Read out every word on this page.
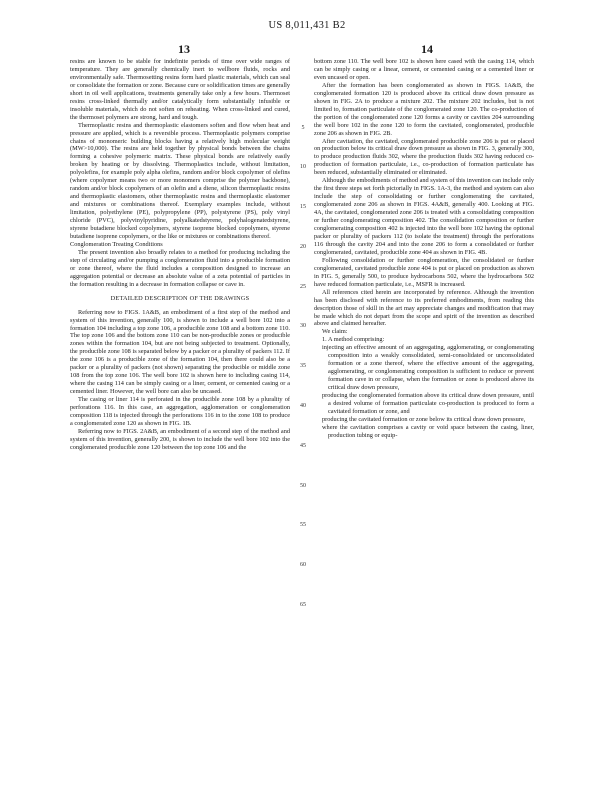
US 8,011,431 B2
13	14

resins are known to be stable for indefinite periods of time over wide ranges of temperature. They are generally chemically inert to wellbore fluids, rocks and environmentally safe. Thermosetting resins form hard plastic materials, which can seal or consolidate the formation or zone. Because cure or solidification times are generally short in oil well applications, treatments generally take only a few hours. Thermoset resins cross-linked thermally and/or catalytically form substantially infusible or insoluble materials, which do not soften on reheating. When cross-linked and cured, the thermoset polymers are strong, hard and tough.

Thermoplastic resins and thermoplastic elastomers soften and flow when heat and pressure are applied, which is a reversible process. Thermoplastic polymers comprise chains of monomeric building blocks having a relatively high molecular weight (MW>10,000). The resins are held together by physical bonds between the chains forming a cohesive polymeric matrix. These physical bonds are relatively easily broken by heating or by dissolving. Thermoplastics include, without limitation, polyolefins, for example poly alpha olefins, random and/or block copolymer of olefins (where copolymer means two or more monomers comprise the polymer backbone), random and/or block copolymers of an olefin and a diene, silicon thermoplastic resins and thermoplastic elastomers, other thermoplastic resins and thermoplastic elastomer and mixtures or combinations thereof. Exemplary examples include, without limitation, polyethylene (PE), polypropylene (PP), polystyrene (PS), poly vinyl chloride (PVC), polyvinylpyridine, polyalkatedstyrene, polyhalogenatedstyrene, styrene butadiene blocked copolymers, styrene isoprene blocked copolymers, styrene butadiene isoprene copolymers, or the like or mixtures or combinations thereof.

Conglomeration Treating Conditions

The present invention also broadly relates to a method for producing including the step of circulating and/or pumping a conglomeration fluid into a producible formation or zone thereof, where the fluid includes a composition designed to increase an aggregation potential or decrease an absolute value of a zeta potential of particles in the formation resulting in a decrease in formation collapse or cave in.

DETAILED DESCRIPTION OF THE DRAWINGS

Referring now to FIGS. 1A&B, an embodiment of a first step of the method and system of this invention, generally 100, is shown to include a well bore 102 into a formation 104 including a top zone 106, a producible zone 108 and a bottom zone 110. The top zone 106 and the bottom zone 110 can be non-producible zones or producible zones within the formation 104, but are not being subjected to treatment. Optionally, the producible zone 108 is separated below by a packer or a plurality of packers 112. If the zone 106 is a producible zone of the formation 104, then there could also be a packer or a plurality of packers (not shown) separating the producible or middle zone 108 from the top zone 106. The well bore 102 is shown here to including casing 114, where the casing 114 can be simply casing or a liner, cement, or cemented casing or a cemented liner. However, the well bore can also be uncased.

The casing or liner 114 is perforated in the producible zone 108 by a plurality of perforations 116. In this case, an aggregation, agglomeration or conglomeration composition 118 is injected through the perforations 116 in to the zone 108 to produce a conglomerated zone 120 as shown in FIG. 1B.

Referring now to FIGS. 2A&B, an embodiment of a second step of the method and system of this invention, generally 200, is shown to include the well bore 102 into the conglomerated producible zone 120 between the top zone 106 and the

bottom zone 110. The well bore 102 is shown here cased with the casing 114, which can be simply casing or a linear, cement, or cemented casing or a cemented liner or even uncased or open.

After the formation has been conglomerated as shown in FIGS. 1A&B, the conglomerated formation 120 is produced above its critical draw down pressure as shown in FIG. 2A to produce a mixture 202. The mixture 202 includes, but is not limited to, formation particulate of the conglomerated zone 120. The co-production of the portion of the conglomerated zone 120 forms a cavity or cavities 204 surrounding the well bore 102 in the zone 120 to form the cavitated, conglomerated, producible zone 206 as shown in FIG. 2B.

After cavitation, the cavitated, conglomerated producible zone 206 is put or placed on production below its critical draw down pressure as shown in FIG. 3, generally 300, to produce production fluids 302, where the production fluids 302 having reduced co-production of formation particulate, i.e., co-production of formation particulate has been reduced, substantially eliminated or eliminated.

Although the embodiments of method and system of this invention can include only the first three steps set forth pictorially in FIGS. 1A-3, the method and system can also include the step of consolidating or further conglomerating the cavitated, conglomerated zone 206 as shown in FIGS. 4A&B, generally 400. Looking at FIG. 4A, the cavitated, conglomerated zone 206 is treated with a consolidating composition or further conglomerating composition 402. The consolidation composition or further conglomerating composition 402 is injected into the well bore 102 having the optional packer or plurality of packers 112 (to isolate the treatment) through the perforations 116 through the cavity 204 and into the zone 206 to form a consolidated or further conglomerated, cavitated, producible zone 404 as shown in FIG. 4B.

Following consolidation or further conglomeration, the consolidated or further conglomerated, cavitated producible zone 404 is put or placed on production as shown in FIG. 5, generally 500, to produce hydrocarbons 502, where the hydrocarbons 502 have reduced formation particulate, i.e., MSFR is increased.

All references cited herein are incorporated by reference. Although the invention has been disclosed with reference to its preferred embodiments, from reading this description those of skill in the art may appreciate changes and modification that may be made which do not depart from the scope and spirit of the invention as described above and claimed hereafter.

We claim:

1. A method comprising:

injecting an effective amount of an aggregating, agglomerating, or conglomerating composition into a weakly consolidated, semi-consolidated or unconsolidated formation or a zone thereof, where the effective amount of the aggregating, agglomerating, or conglomerating composition is sufficient to reduce or prevent formation cave in or collapse, when the formation or zone is produced above its critical draw down pressure,

producing the conglomerated formation above its critical draw down pressure, until a desired volume of formation particulate co-production is produced to form a cavitated formation or zone, and

producing the cavitated formation or zone below its critical draw down pressure,

where the cavitation comprises a cavity or void space between the casing, liner, production tubing or equip-

5
10
15
20
25
30
35
40
45
50
55
60
65
